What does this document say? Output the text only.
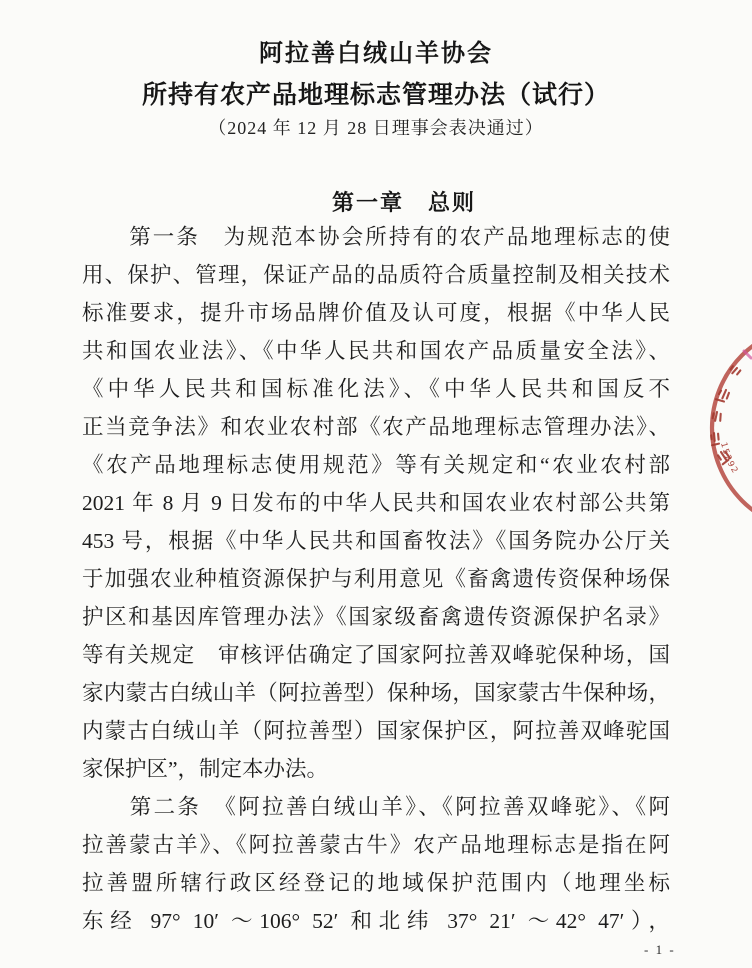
阿拉善白绒山羊协会
所持有农产品地理标志管理办法（试行）
（2024 年 12 月 28 日理事会表决通过）
第一章　总则
　　第一条　为规范本协会所持有的农产品地理标志的使
用、保护、管理，保证产品的品质符合质量控制及相关技术
标准要求，提升市场品牌价值及认可度，根据《中华人民
共和国农业法》、《中华人民共和国农产品质量安全法》、
《中华人民共和国标准化法》、《中华人民共和国反不
正当竞争法》和农业农村部《农产品地理标志管理办法》、
《农产品地理标志使用规范》等有关规定和“农业农村部
2021 年 8 月 9 日发布的中华人民共和国农业农村部公共第
453 号，根据《中华人民共和国畜牧法》《国务院办公厅关
于加强农业种植资源保护与利用意见《畜禽遗传资保种场保
护区和基因库管理办法》《国家级畜禽遗传资源保护名录》
等有关规定　审核评估确定了国家阿拉善双峰驼保种场，国
家内蒙古白绒山羊（阿拉善型）保种场，国家蒙古牛保种场，
内蒙古白绒山羊（阿拉善型）国家保护区，阿拉善双峰驼国
家保护区”，制定本办法。
　　第二条　《阿拉善白绒山羊》、《阿拉善双峰驼》、《阿
拉善蒙古羊》、《阿拉善蒙古牛》农产品地理标志是指在阿
拉善盟所辖行政区经登记的地域保护范围内（地理坐标
东经 97° 10′ ～106° 52′ 和北纬 37° 21′ ～42° 47′），
- 1 -
15292
